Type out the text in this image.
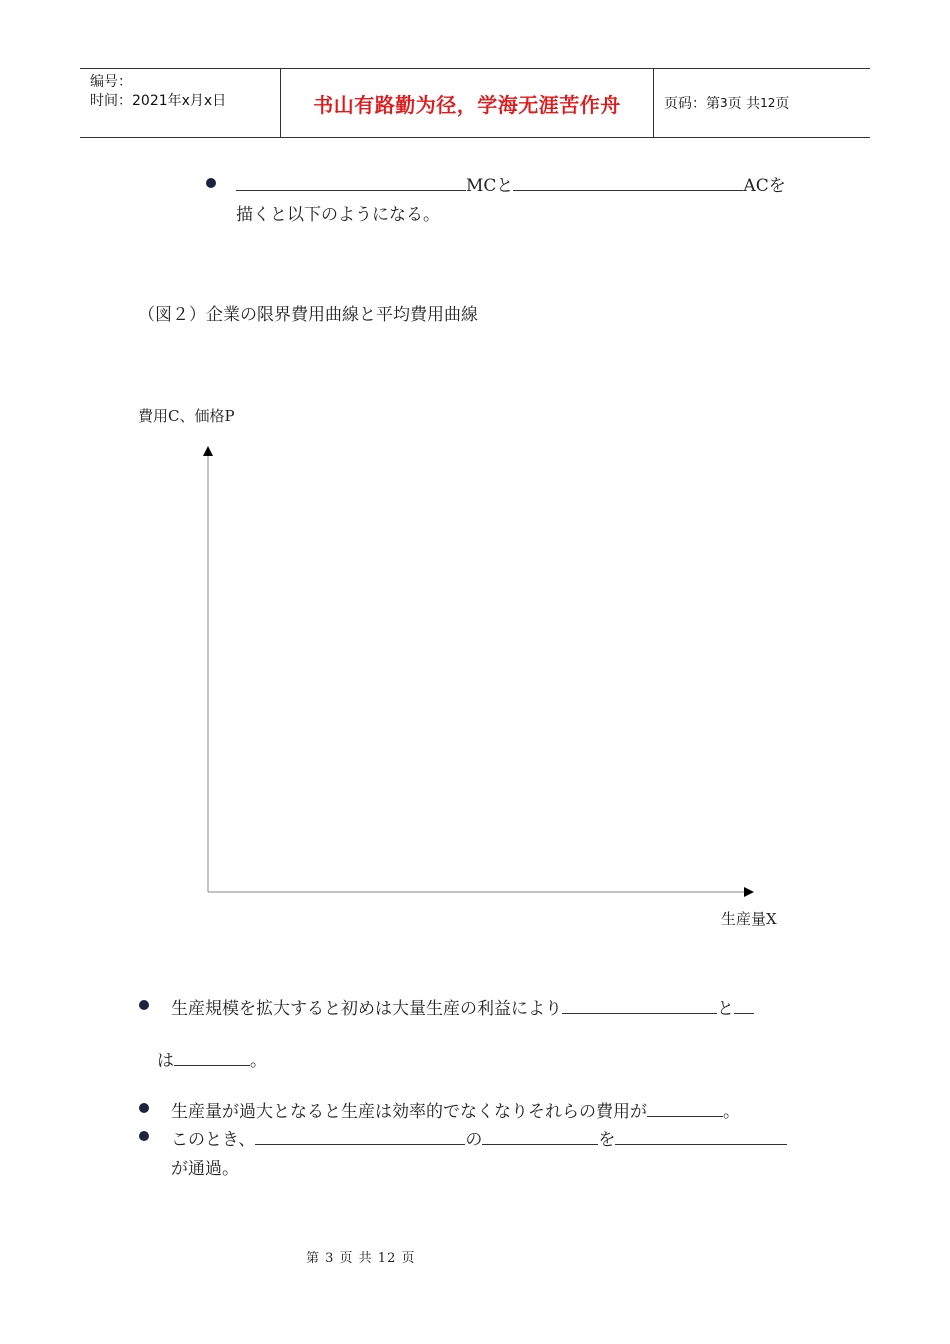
编号：
时间：2021年x月x日	书山有路勤为径，学海无涯苦作舟	页码：第 3 页 共 12 页
MCと	ACを
描くと以下のようになる。
（図２）企業の限界費用曲線と平均費用曲線
費用C、価格P
生産量X
生産規模を拡大すると初めは大量生産の利益により	と
は	。
生産量が過大となると生産は効率的でなくなりそれらの費用が	。
このとき、	の	を
が通過。
第 3 页 共 12 页
